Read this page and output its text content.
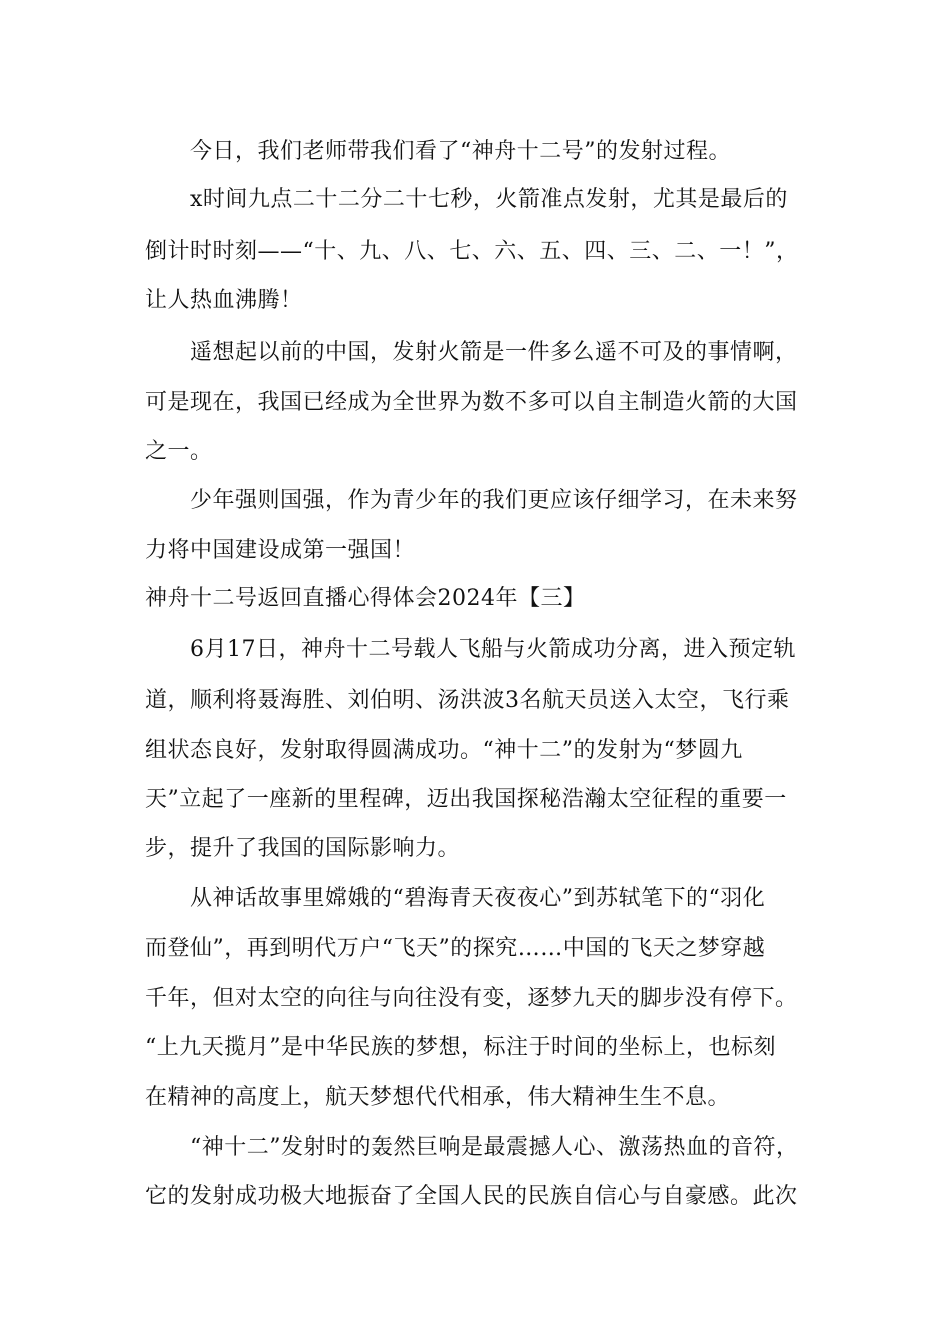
今日，我们老师带我们看了“神舟十二号”的发射过程。
x时间九点二十二分二十七秒，火箭准点发射，尤其是最后的
倒计时时刻——“十、九、八、七、六、五、四、三、二、一！”，
让人热血沸腾！
遥想起以前的中国，发射火箭是一件多么遥不可及的事情啊，
可是现在，我国已经成为全世界为数不多可以自主制造火箭的大国
之一。
少年强则国强，作为青少年的我们更应该仔细学习，在未来努
力将中国建设成第一强国！
神舟十二号返回直播心得体会2024年【三】
6月17日，神舟十二号载人飞船与火箭成功分离，进入预定轨
道，顺利将聂海胜、刘伯明、汤洪波3名航天员送入太空，飞行乘
组状态良好，发射取得圆满成功。“神十二”的发射为“梦圆九
天”立起了一座新的里程碑，迈出我国探秘浩瀚太空征程的重要一
步，提升了我国的国际影响力。
从神话故事里嫦娥的“碧海青天夜夜心”到苏轼笔下的“羽化
而登仙”，再到明代万户“飞天”的探究……中国的飞天之梦穿越
千年，但对太空的向往与向往没有变，逐梦九天的脚步没有停下。
“上九天揽月”是中华民族的梦想，标注于时间的坐标上，也标刻
在精神的高度上，航天梦想代代相承，伟大精神生生不息。
“神十二”发射时的轰然巨响是最震撼人心、激荡热血的音符，
它的发射成功极大地振奋了全国人民的民族自信心与自豪感。此次
